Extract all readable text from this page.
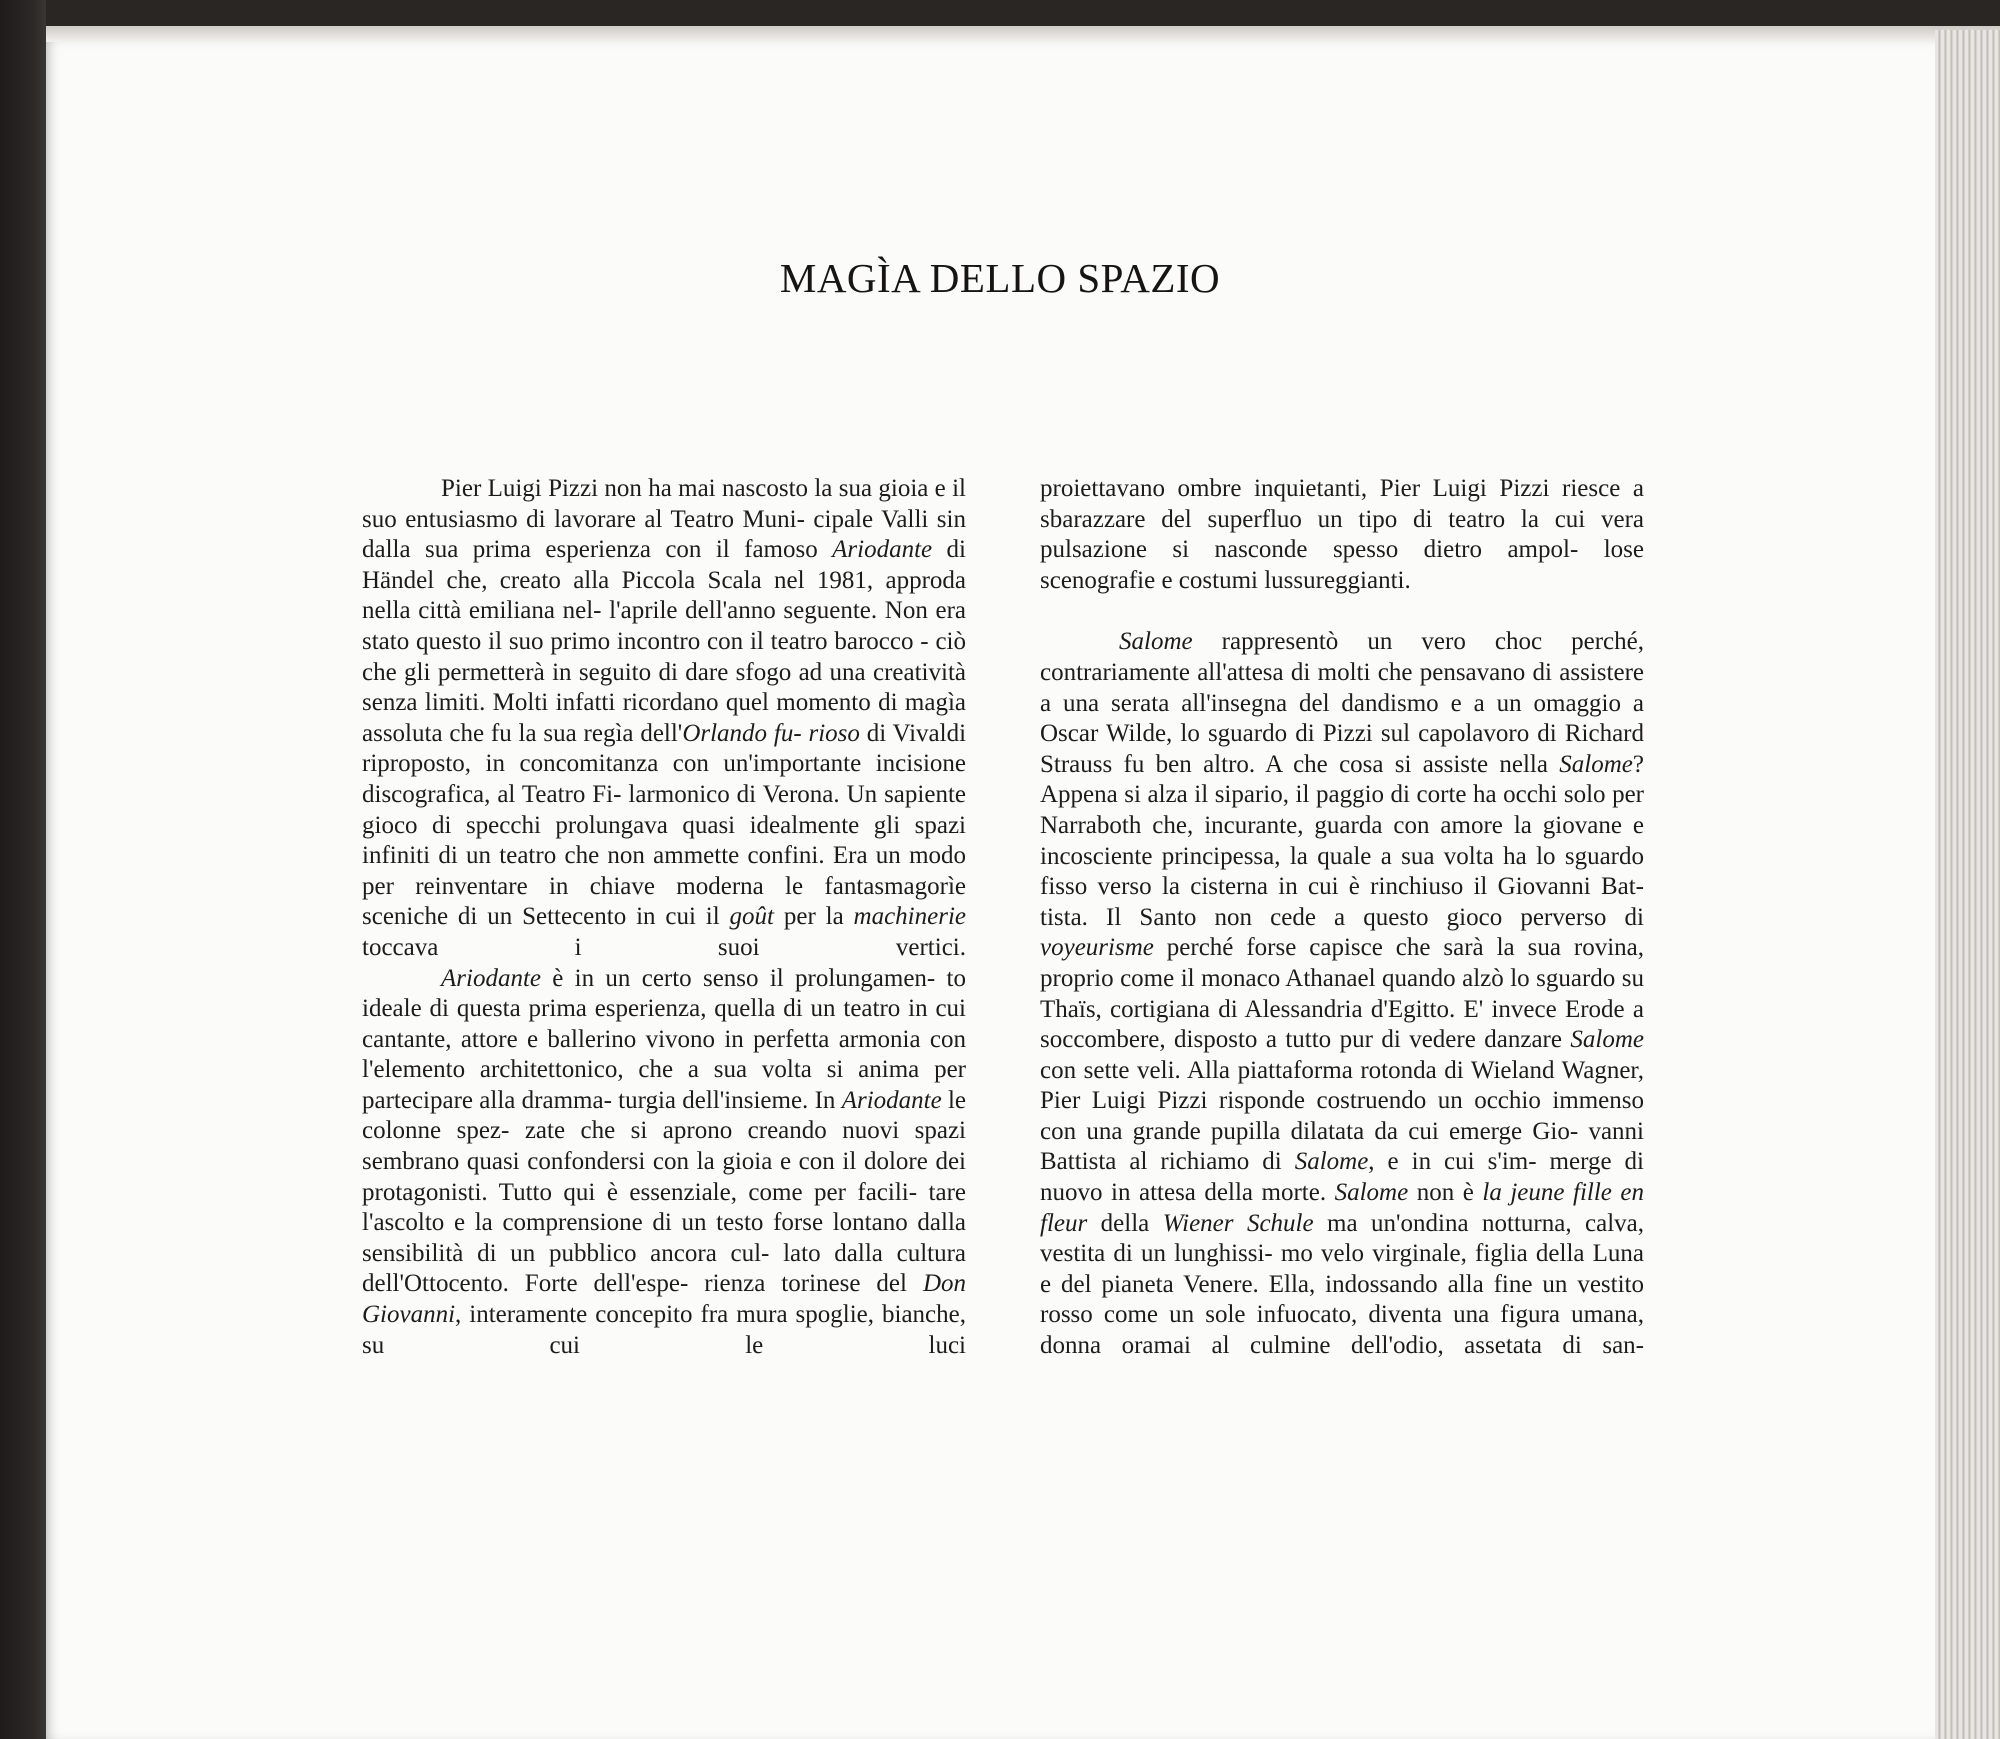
MAGÌA DELLO SPAZIO

Pier Luigi Pizzi non ha mai nascosto la sua gioia e il suo entusiasmo di lavorare al Teatro Muni- cipale Valli sin dalla sua prima esperienza con il famoso Ariodante di Händel che, creato alla Piccola Scala nel 1981, approda nella città emiliana nel- l'aprile dell'anno seguente. Non era stato questo il suo primo incontro con il teatro barocco - ciò che gli permetterà in seguito di dare sfogo ad una creatività senza limiti. Molti infatti ricordano quel momento di magìa assoluta che fu la sua regìa dell'Orlando fu- rioso di Vivaldi riproposto, in concomitanza con un'importante incisione discografica, al Teatro Fi- larmonico di Verona. Un sapiente gioco di specchi prolungava quasi idealmente gli spazi infiniti di un teatro che non ammette confini. Era un modo per reinventare in chiave moderna le fantasmagorìe sceniche di un Settecento in cui il goût per la machinerie toccava i suoi vertici.

Ariodante è in un certo senso il prolungamen- to ideale di questa prima esperienza, quella di un teatro in cui cantante, attore e ballerino vivono in perfetta armonia con l'elemento architettonico, che a sua volta si anima per partecipare alla dramma- turgia dell'insieme. In Ariodante le colonne spez- zate che si aprono creando nuovi spazi sembrano quasi confondersi con la gioia e con il dolore dei protagonisti. Tutto qui è essenziale, come per facili- tare l'ascolto e la comprensione di un testo forse lontano dalla sensibilità di un pubblico ancora cul- lato dalla cultura dell'Ottocento. Forte dell'espe- rienza torinese del Don Giovanni, interamente concepito fra mura spoglie, bianche, su cui le luci

proiettavano ombre inquietanti, Pier Luigi Pizzi riesce a sbarazzare del superfluo un tipo di teatro la cui vera pulsazione si nasconde spesso dietro ampol- lose scenografie e costumi lussureggianti.

Salome rappresentò un vero choc perché, contrariamente all'attesa di molti che pensavano di assistere a una serata all'insegna del dandismo e a un omaggio a Oscar Wilde, lo sguardo di Pizzi sul capolavoro di Richard Strauss fu ben altro. A che cosa si assiste nella Salome? Appena si alza il sipario, il paggio di corte ha occhi solo per Narraboth che, incurante, guarda con amore la giovane e incosciente principessa, la quale a sua volta ha lo sguardo fisso verso la cisterna in cui è rinchiuso il Giovanni Bat- tista. Il Santo non cede a questo gioco perverso di voyeurisme perché forse capisce che sarà la sua rovina, proprio come il monaco Athanael quando alzò lo sguardo su Thaïs, cortigiana di Alessandria d'Egitto. E' invece Erode a soccombere, disposto a tutto pur di vedere danzare Salome con sette veli. Alla piattaforma rotonda di Wieland Wagner, Pier Luigi Pizzi risponde costruendo un occhio immenso con una grande pupilla dilatata da cui emerge Gio- vanni Battista al richiamo di Salome, e in cui s'im- merge di nuovo in attesa della morte. Salome non è la jeune fille en fleur della Wiener Schule ma un'ondina notturna, calva, vestita di un lunghissi- mo velo virginale, figlia della Luna e del pianeta Venere. Ella, indossando alla fine un vestito rosso come un sole infuocato, diventa una figura umana, donna oramai al culmine dell'odio, assetata di san-
